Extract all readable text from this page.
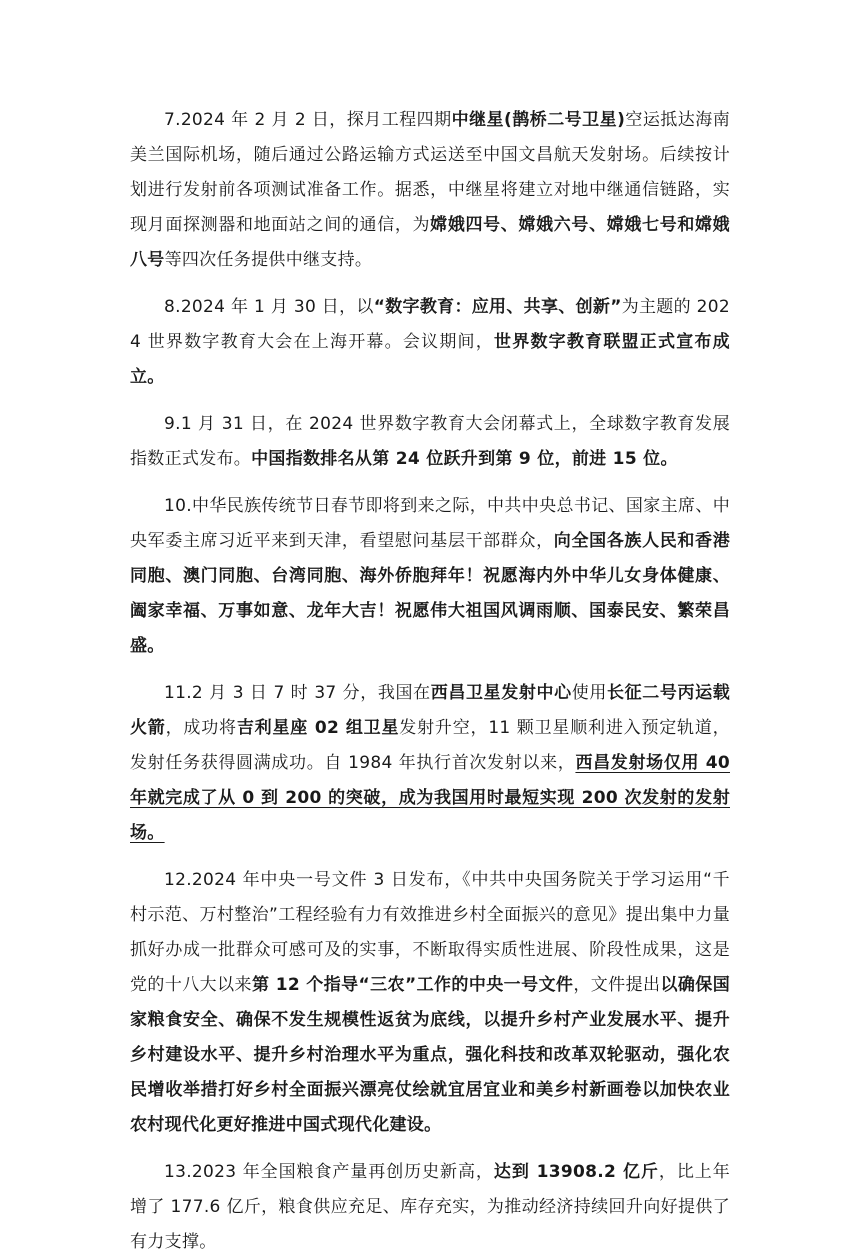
7.2024 年 2 月 2 日，探月工程四期中继星(鹊桥二号卫星)空运抵达海南美兰国际机场，随后通过公路运输方式运送至中国文昌航天发射场。后续按计划进行发射前各项测试准备工作。据悉，中继星将建立对地中继通信链路，实现月面探测器和地面站之间的通信，为嫦娥四号、嫦娥六号、嫦娥七号和嫦娥八号等四次任务提供中继支持。

8.2024 年 1 月 30 日，以“数字教育：应用、共享、创新”为主题的 2024 世界数字教育大会在上海开幕。会议期间，世界数字教育联盟正式宣布成立。

9.1 月 31 日，在 2024 世界数字教育大会闭幕式上，全球数字教育发展指数正式发布。中国指数排名从第 24 位跃升到第 9 位，前进 15 位。

10.中华民族传统节日春节即将到来之际，中共中央总书记、国家主席、中央军委主席习近平来到天津，看望慰问基层干部群众，向全国各族人民和香港同胞、澳门同胞、台湾同胞、海外侨胞拜年！祝愿海内外中华儿女身体健康、阖家幸福、万事如意、龙年大吉！祝愿伟大祖国风调雨顺、国泰民安、繁荣昌盛。

11.2 月 3 日 7 时 37 分，我国在西昌卫星发射中心使用长征二号丙运载火箭，成功将吉利星座 02 组卫星发射升空，11 颗卫星顺利进入预定轨道，发射任务获得圆满成功。自 1984 年执行首次发射以来，西昌发射场仅用 40 年就完成了从 0 到 200 的突破，成为我国用时最短实现 200 次发射的发射场。

12.2024 年中央一号文件 3 日发布，《中共中央国务院关于学习运用“千村示范、万村整治”工程经验有力有效推进乡村全面振兴的意见》提出集中力量抓好办成一批群众可感可及的实事，不断取得实质性进展、阶段性成果，这是党的十八大以来第 12 个指导“三农”工作的中央一号文件，文件提出以确保国家粮食安全、确保不发生规模性返贫为底线，以提升乡村产业发展水平、提升乡村建设水平、提升乡村治理水平为重点，强化科技和改革双轮驱动，强化农民增收举措打好乡村全面振兴漂亮仗绘就宜居宜业和美乡村新画卷以加快农业农村现代化更好推进中国式现代化建设。

13.2023 年全国粮食产量再创历史新高，达到 13908.2 亿斤，比上年增了 177.6 亿斤，粮食供应充足、库存充实，为推动经济持续回升向好提供了有力支撑。
